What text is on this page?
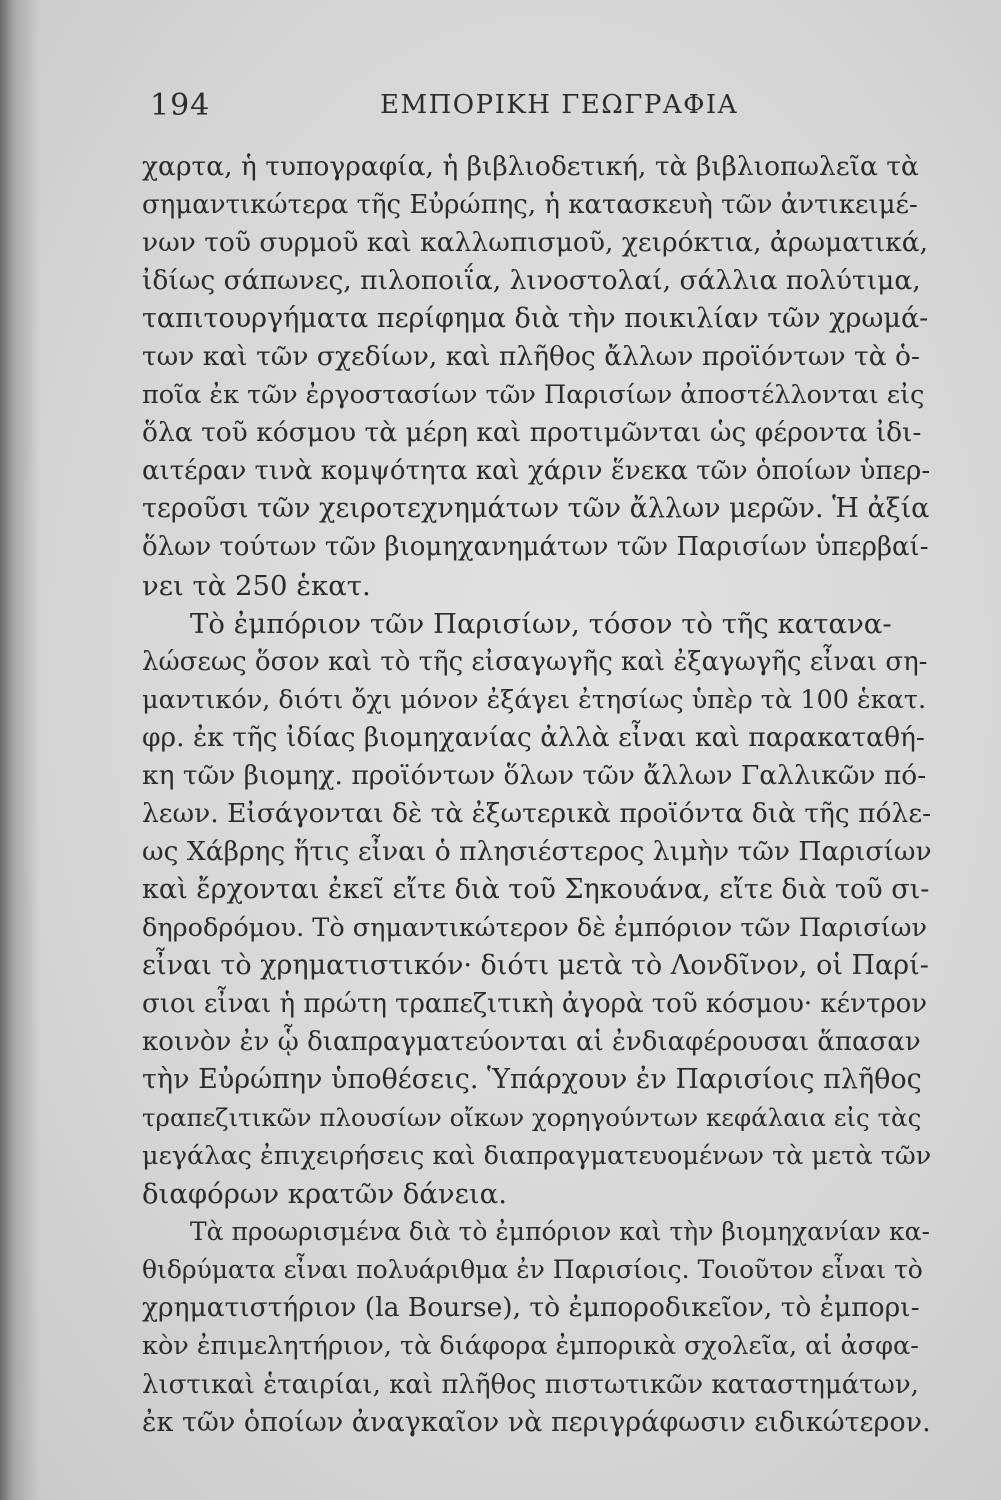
194	ΕΜΠΟΡΙΚΗ ΓΕΩΓΡΑΦΙΑ
χαρτα, ἡ τυπογραφία, ἡ βιβλιοδετική, τὰ βιβλιοπωλεῖα τὰ
σημαντικώτερα τῆς Εὐρώπης, ἡ κατασκευὴ τῶν ἀντικειμέ-
νων τοῦ συρμοῦ καὶ καλλωπισμοῦ, χειρόκτια, ἀρωματικά,
ἰδίως σάπωνες, πιλοποιΐα, λινοστολαί, σάλλια πολύτιμα,
ταπιτουργήματα περίφημα διὰ τὴν ποικιλίαν τῶν χρωμά-
των καὶ τῶν σχεδίων, καὶ πλῆθος ἄλλων προϊόντων τὰ ὁ-
ποῖα ἐκ τῶν ἐργοστασίων τῶν Παρισίων ἀποστέλλονται εἰς
ὅλα τοῦ κόσμου τὰ μέρη καὶ προτιμῶνται ὡς φέροντα ἰδι-
αιτέραν τινὰ κομψότητα καὶ χάριν ἕνεκα τῶν ὁποίων ὑπερ-
τεροῦσι τῶν χειροτεχνημάτων τῶν ἄλλων μερῶν. Ἡ ἀξία
ὅλων τούτων τῶν βιομηχανημάτων τῶν Παρισίων ὑπερβαί-
νει τὰ 250 ἑκατ.
Τὸ ἐμπόριον τῶν Παρισίων, τόσον τὸ τῆς κατανα-
λώσεως ὅσον καὶ τὸ τῆς εἰσαγωγῆς καὶ ἐξαγωγῆς εἶναι ση-
μαντικόν, διότι ὄχι μόνον ἐξάγει ἐτησίως ὑπὲρ τὰ 100 ἑκατ.
φρ. ἐκ τῆς ἰδίας βιομηχανίας ἀλλὰ εἶναι καὶ παρακαταθή-
κη τῶν βιομηχ. προϊόντων ὅλων τῶν ἄλλων Γαλλικῶν πό-
λεων. Εἰσάγονται δὲ τὰ ἐξωτερικὰ προϊόντα διὰ τῆς πόλε-
ως Χάβρης ἥτις εἶναι ὁ πλησιέστερος λιμὴν τῶν Παρισίων
καὶ ἔρχονται ἐκεῖ εἴτε διὰ τοῦ Σηκουάνα, εἴτε διὰ τοῦ σι-
δηροδρόμου. Τὸ σημαντικώτερον δὲ ἐμπόριον τῶν Παρισίων
εἶναι τὸ χρηματιστικόν· διότι μετὰ τὸ Λονδῖνον, οἱ Παρί-
σιοι εἶναι ἡ πρώτη τραπεζιτικὴ ἀγορὰ τοῦ κόσμου· κέντρον
κοινὸν ἐν ᾧ διαπραγματεύονται αἱ ἐνδιαφέρουσαι ἅπασαν
τὴν Εὐρώπην ὑποθέσεις. Ὑπάρχουν ἐν Παρισίοις πλῆθος
τραπεζιτικῶν πλουσίων οἴκων χορηγούντων κεφάλαια εἰς τὰς
μεγάλας ἐπιχειρήσεις καὶ διαπραγματευομένων τὰ μετὰ τῶν
διαφόρων κρατῶν δάνεια.
Τὰ προωρισμένα διὰ τὸ ἐμπόριον καὶ τὴν βιομηχανίαν κα-
θιδρύματα εἶναι πολυάριθμα ἐν Παρισίοις. Τοιοῦτον εἶναι τὸ
χρηματιστήριον (la Bourse), τὸ ἐμποροδικεῖον, τὸ ἐμπορι-
κὸν ἐπιμελητήριον, τὰ διάφορα ἐμπορικὰ σχολεῖα, αἱ ἀσφα-
λιστικαὶ ἑταιρίαι, καὶ πλῆθος πιστωτικῶν καταστημάτων,
ἐκ τῶν ὁποίων ἀναγκαῖον νὰ περιγράφωσιν ειδικώτερον.
